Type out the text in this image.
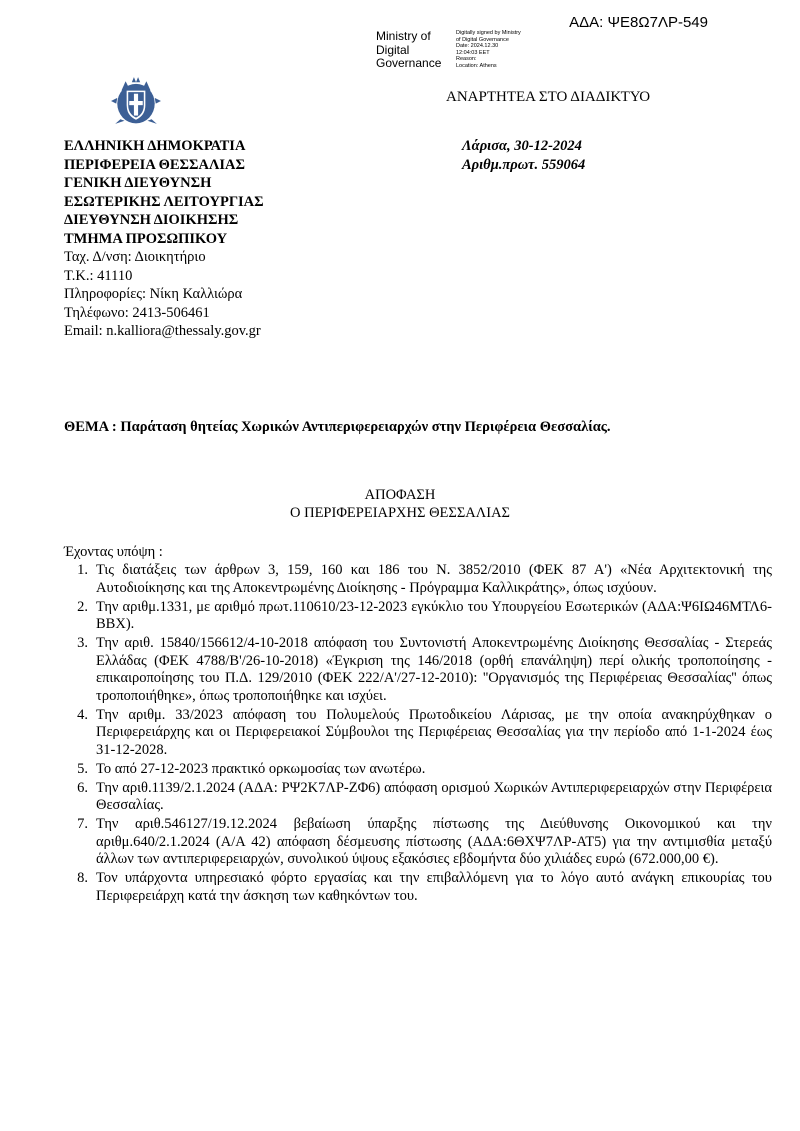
ΑΔΑ: ΨΕ8Ω7ΛΡ-549
Ministry of
Digital
Governance
Digitally signed by Ministry
of Digital Governance
Date: 2024.12.30
12:04:03 EET
Reason:
Location: Athens
ΑΝΑΡΤΗΤΕΑ ΣΤΟ ΔΙΑΔΙΚΤΥΟ
ΕΛΛΗΝΙΚΗ ΔΗΜΟΚΡΑΤΙΑ
ΠΕΡΙΦΕΡΕΙΑ ΘΕΣΣΑΛΙΑΣ
ΓΕΝΙΚΗ ΔΙΕΥΘΥΝΣΗ
ΕΣΩΤΕΡΙΚΗΣ ΛΕΙΤΟΥΡΓΙΑΣ
ΔΙΕΥΘΥΝΣΗ ΔΙΟΙΚΗΣΗΣ
ΤΜΗΜΑ ΠΡΟΣΩΠΙΚΟΥ
Ταχ. Δ/νση: Διοικητήριο
Τ.Κ.: 41110
Πληροφορίες: Νίκη Καλλιώρα
Τηλέφωνο: 2413-506461
Email: n.kalliora@thessaly.gov.gr
Λάρισα, 30-12-2024
Αριθμ.πρωτ. 559064
ΘΕΜΑ : Παράταση θητείας Χωρικών Αντιπεριφερειαρχών στην Περιφέρεια Θεσσαλίας.
ΑΠΟΦΑΣΗ
Ο ΠΕΡΙΦΕΡΕΙΑΡΧΗΣ ΘΕΣΣΑΛΙΑΣ
Έχοντας υπόψη :
1. Τις διατάξεις των άρθρων 3, 159, 160 και 186 του Ν. 3852/2010 (ΦΕΚ 87 Α') «Νέα Αρχιτεκτονική της Αυτοδιοίκησης και της Αποκεντρωμένης Διοίκησης - Πρόγραμμα Καλλικράτης», όπως ισχύουν.
2. Την αριθμ.1331, με αριθμό πρωτ.110610/23-12-2023 εγκύκλιο του Υπουργείου Εσωτερικών (ΑΔΑ:Ψ6ΙΩ46ΜΤΛ6-ΒΒΧ).
3. Την αριθ. 15840/156612/4-10-2018 απόφαση του Συντονιστή Αποκεντρωμένης Διοίκησης Θεσσαλίας - Στερεάς Ελλάδας (ΦΕΚ 4788/Β'/26-10-2018) «Έγκριση της 146/2018 (ορθή επανάληψη) περί ολικής τροποποίησης - επικαιροποίησης του Π.Δ. 129/2010 (ΦΕΚ 222/Α'/27-12-2010): ''Οργανισμός της Περιφέρειας Θεσσαλίας'' όπως τροποποιήθηκε», όπως τροποποιήθηκε και ισχύει.
4. Την αριθμ. 33/2023 απόφαση του Πολυμελούς Πρωτοδικείου Λάρισας, με την οποία ανακηρύχθηκαν ο Περιφερειάρχης και οι Περιφερειακοί Σύμβουλοι της Περιφέρειας Θεσσαλίας για την περίοδο από 1-1-2024 έως 31-12-2028.
5. Το από 27-12-2023 πρακτικό ορκωμοσίας των ανωτέρω.
6. Την αριθ.1139/2.1.2024 (ΑΔΑ: ΡΨ2Κ7ΛΡ-ΖΦ6) απόφαση ορισμού Χωρικών Αντιπεριφερειαρχών στην Περιφέρεια Θεσσαλίας.
7. Την αριθ.546127/19.12.2024 βεβαίωση ύπαρξης πίστωσης της Διεύθυνσης Οικονομικού και την αριθμ.640/2.1.2024 (Α/Α 42) απόφαση δέσμευσης πίστωσης (ΑΔΑ:6ΘΧΨ7ΛΡ-ΑΤ5) για την αντιμισθία μεταξύ άλλων των αντιπεριφερειαρχών, συνολικού ύψους εξακόσιες εβδομήντα δύο χιλιάδες ευρώ (672.000,00 €).
8. Τον υπάρχοντα υπηρεσιακό φόρτο εργασίας και την επιβαλλόμενη για το λόγο αυτό ανάγκη επικουρίας του Περιφερειάρχη κατά την άσκηση των καθηκόντων του.
